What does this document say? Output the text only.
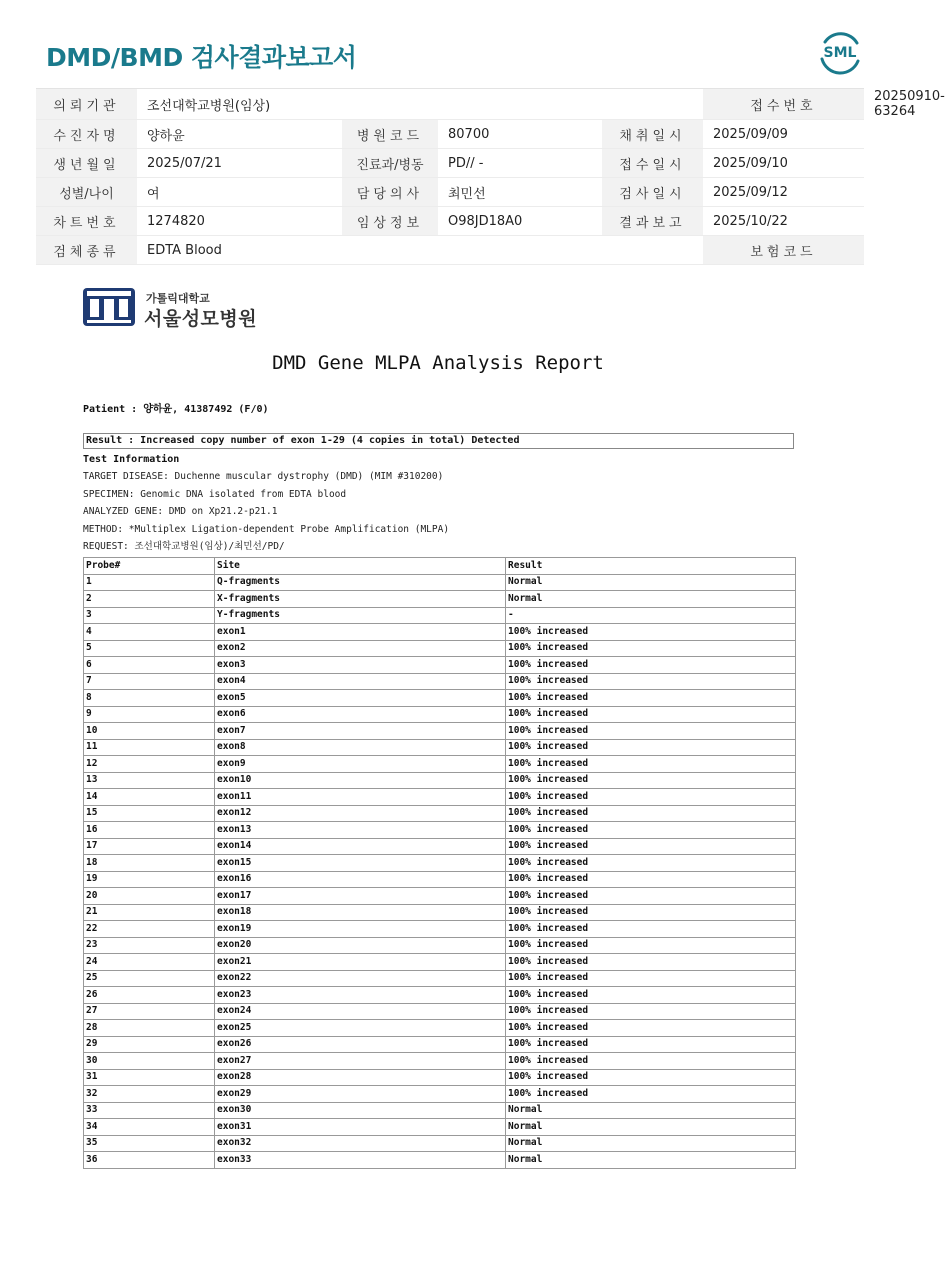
DMD/BMD 검사결과보고서	SML
의뢰기관	조선대학교병원(임상)				접수번호	20250910-63264
수진자명	양하윤	병원코드	80700	채취일시	2025/09/09	
생년월일	2025/07/21	진료과/병동	PD// -	접수일시	2025/09/10	
성별/나이	여	담당의사	최민선	검사일시	2025/09/12	
차트번호	1274820	임상정보	O98JD18A0	결과보고	2025/10/22	
검체종류	EDTA Blood				보험코드	
가톨릭대학교
서울성모병원
DMD Gene MLPA Analysis Report
Patient : 양하윤, 41387492 (F/0)
Result : Increased copy number of exon 1-29 (4 copies in total) Detected
Test Information
TARGET DISEASE: Duchenne muscular dystrophy (DMD) (MIM #310200)
SPECIMEN: Genomic DNA isolated from EDTA blood
ANALYZED GENE: DMD on Xp21.2-p21.1
METHOD: *Multiplex Ligation-dependent Probe Amplification (MLPA)
REQUEST: 조선대학교병원(임상)/최민선/PD/
Probe#	Site	Result
1	Q-fragments	Normal
2	X-fragments	Normal
3	Y-fragments	-
4	exon1	100% increased
5	exon2	100% increased
6	exon3	100% increased
7	exon4	100% increased
8	exon5	100% increased
9	exon6	100% increased
10	exon7	100% increased
11	exon8	100% increased
12	exon9	100% increased
13	exon10	100% increased
14	exon11	100% increased
15	exon12	100% increased
16	exon13	100% increased
17	exon14	100% increased
18	exon15	100% increased
19	exon16	100% increased
20	exon17	100% increased
21	exon18	100% increased
22	exon19	100% increased
23	exon20	100% increased
24	exon21	100% increased
25	exon22	100% increased
26	exon23	100% increased
27	exon24	100% increased
28	exon25	100% increased
29	exon26	100% increased
30	exon27	100% increased
31	exon28	100% increased
32	exon29	100% increased
33	exon30	Normal
34	exon31	Normal
35	exon32	Normal
36	exon33	Normal
